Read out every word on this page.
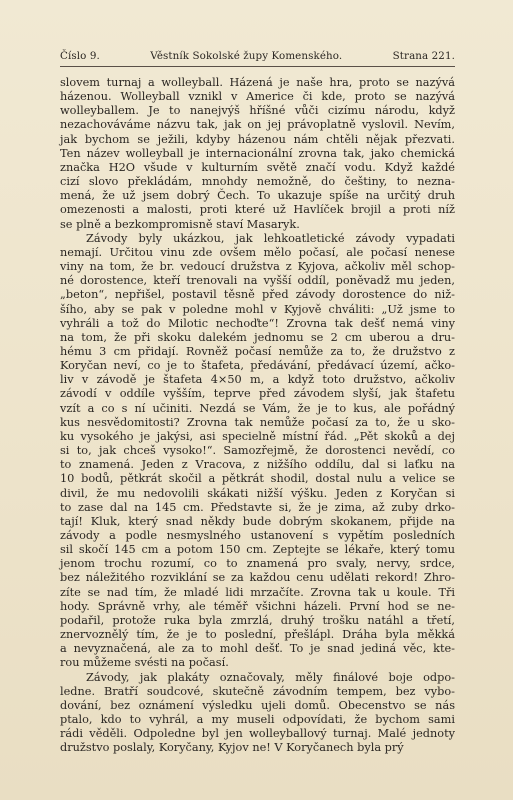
Číslo 9.	Věstník Sokolské župy Komenského.	Strana 221.
slovem turnaj a wolleyball. Házená je naše hra, proto se nazývá
házenou. Wolleyball vznikl v Americe či kde, proto se nazývá
wolleyballem. Je to nanejvýš hříšné vůči cizímu národu, když
nezachováváme názvu tak, jak on jej právoplatně vyslovil. Nevím,
jak bychom se ježili, kdyby házenou nám chtěli nějak přezvati.
Ten název wolleyball je internacionální zrovna tak, jako chemická
značka H2O všude v kulturním světě značí vodu. Když každé
cizí slovo překládám, mnohdy nemožně, do češtiny, to nezna-
mená, že už jsem dobrý Čech. To ukazuje spíše na určitý druh
omezenosti a malosti, proti které už Havlíček brojil a proti níž
se plně a bezkompromisně staví Masaryk.
Závody byly ukázkou, jak lehkoatletické závody vypadati
nemají. Určitou vinu zde ovšem mělo počasí, ale počasí nenese
viny na tom, že br. vedoucí družstva z Kyjova, ačkoliv měl schop-
né dorostence, kteří trenovali na vyšší oddíl, poněvadž mu jeden,
„beton“, nepřišel, postavil těsně před závody dorostence do niž-
šího, aby se pak v poledne mohl v Kyjově chváliti: „Už jsme to
vyhráli a tož do Milotic nechoďte“! Zrovna tak dešť nemá viny
na tom, že při skoku dalekém jednomu se 2 cm uberou a dru-
hému 3 cm přidají. Rovněž počasí nemůže za to, že družstvo z
Koryčan neví, co je to štafeta, předávání, předávací území, ačko-
liv v závodě je štafeta 4×50 m, a když toto družstvo, ačkoliv
závodí v oddíle vyšším, teprve před závodem slyší, jak štafetu
vzít a co s ní učiniti. Nezdá se Vám, že je to kus, ale pořádný
kus nesvědomitosti? Zrovna tak nemůže počasí za to, že u sko-
ku vysokého je jakýsi, asi specielně místní řád. „Pět skoků a dej
si to, jak chceš vysoko!“. Samozřejmě, že dorostenci nevědí, co
to znamená. Jeden z Vracova, z nižšího oddílu, dal si laťku na
10 bodů, pětkrát skočil a pětkrát shodil, dostal nulu a velice se
divil, že mu nedovolili skákati nižší výšku. Jeden z Koryčan si
to zase dal na 145 cm. Představte si, že je zima, až zuby drko-
tají! Kluk, který snad někdy bude dobrým skokanem, přijde na
závody a podle nesmyslného ustanovení s vypětím posledních
sil skočí 145 cm a potom 150 cm. Zeptejte se lékaře, který tomu
jenom trochu rozumí, co to znamená pro svaly, nervy, srdce,
bez náležitého rozviklání se za každou cenu udělati rekord! Zhro-
zíte se nad tím, že mladé lidi mrzačíte. Zrovna tak u koule. Tři
hody. Správně vrhy, ale téměř všichni házeli. První hod se ne-
podařil, protože ruka byla zmrzlá, druhý trošku natáhl a třetí,
znervoznělý tím, že je to poslední, přešlápl. Dráha byla měkká
a nevyznačená, ale za to mohl dešť. To je snad jediná věc, kte-
rou můžeme svésti na počasí.
Závody, jak plakáty označovaly, měly finálové boje odpo-
ledne. Bratří soudcové, skutečně závodním tempem, bez vybo-
dování, bez oznámení výsledku ujeli domů. Obecenstvo se nás
ptalo, kdo to vyhrál, a my museli odpovídati, že bychom sami
rádi věděli. Odpoledne byl jen wolleyballový turnaj. Malé jednoty
družstvo poslaly, Koryčany, Kyjov ne! V Koryčanech byla prý
